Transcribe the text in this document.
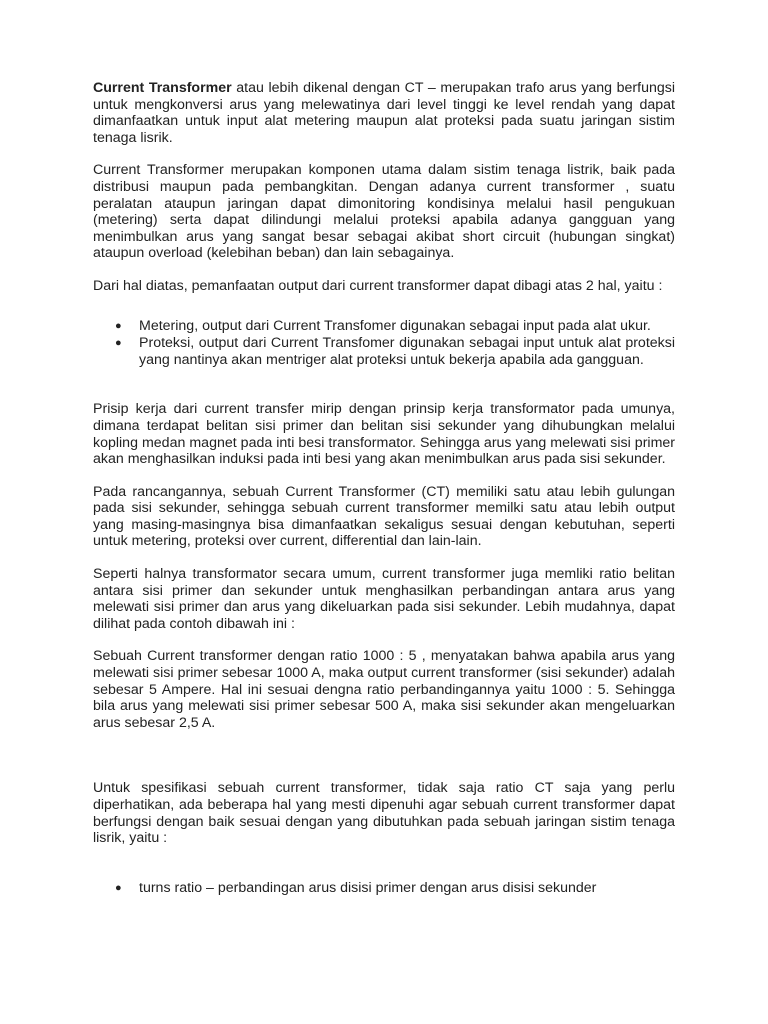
Current Transformer atau lebih dikenal dengan CT – merupakan trafo arus yang berfungsi untuk mengkonversi arus yang melewatinya dari level tinggi ke level rendah yang dapat dimanfaatkan untuk input alat metering maupun alat proteksi pada suatu jaringan sistim tenaga lisrik.

Current Transformer merupakan komponen utama dalam sistim tenaga listrik, baik pada distribusi maupun pada pembangkitan. Dengan adanya current transformer , suatu peralatan ataupun jaringan dapat dimonitoring kondisinya melalui hasil pengukuan (metering) serta dapat dilindungi melalui proteksi apabila adanya gangguan yang menimbulkan arus yang sangat besar sebagai akibat short circuit (hubungan singkat) ataupun overload (kelebihan beban) dan lain sebagainya.

Dari hal diatas, pemanfaatan output dari current transformer dapat dibagi atas 2 hal, yaitu :

● Metering, output dari Current Transfomer digunakan sebagai input pada alat ukur.
● Proteksi, output dari Current Transfomer digunakan sebagai input untuk alat proteksi yang nantinya akan mentriger alat proteksi untuk bekerja apabila ada gangguan.

Prisip kerja dari current transfer mirip dengan prinsip kerja transformator pada umunya, dimana terdapat belitan sisi primer dan belitan sisi sekunder yang dihubungkan melalui kopling medan magnet pada inti besi transformator. Sehingga arus yang melewati sisi primer akan menghasilkan induksi pada inti besi yang akan menimbulkan arus pada sisi sekunder.

Pada rancangannya, sebuah Current Transformer (CT) memiliki satu atau lebih gulungan pada sisi sekunder, sehingga sebuah current transformer memilki satu atau lebih output yang masing-masingnya bisa dimanfaatkan sekaligus sesuai dengan kebutuhan, seperti untuk metering, proteksi over current, differential dan lain-lain.

Seperti halnya transformator secara umum, current transformer juga memliki ratio belitan antara sisi primer dan sekunder untuk menghasilkan perbandingan antara arus yang melewati sisi primer dan arus yang dikeluarkan pada sisi sekunder. Lebih mudahnya, dapat dilihat pada contoh dibawah ini :

Sebuah Current transformer dengan ratio 1000 : 5 , menyatakan bahwa apabila arus yang melewati sisi primer sebesar 1000 A, maka output current transformer (sisi sekunder) adalah sebesar 5 Ampere. Hal ini sesuai dengna ratio perbandingannya yaitu 1000 : 5. Sehingga bila arus yang melewati sisi primer sebesar 500 A, maka sisi sekunder akan mengeluarkan arus sebesar 2,5 A.

Untuk spesifikasi sebuah current transformer, tidak saja ratio CT saja yang perlu diperhatikan, ada beberapa hal yang mesti dipenuhi agar sebuah current transformer dapat berfungsi dengan baik sesuai dengan yang dibutuhkan pada sebuah jaringan sistim tenaga lisrik, yaitu :

● turns ratio – perbandingan arus disisi primer dengan arus disisi sekunder
